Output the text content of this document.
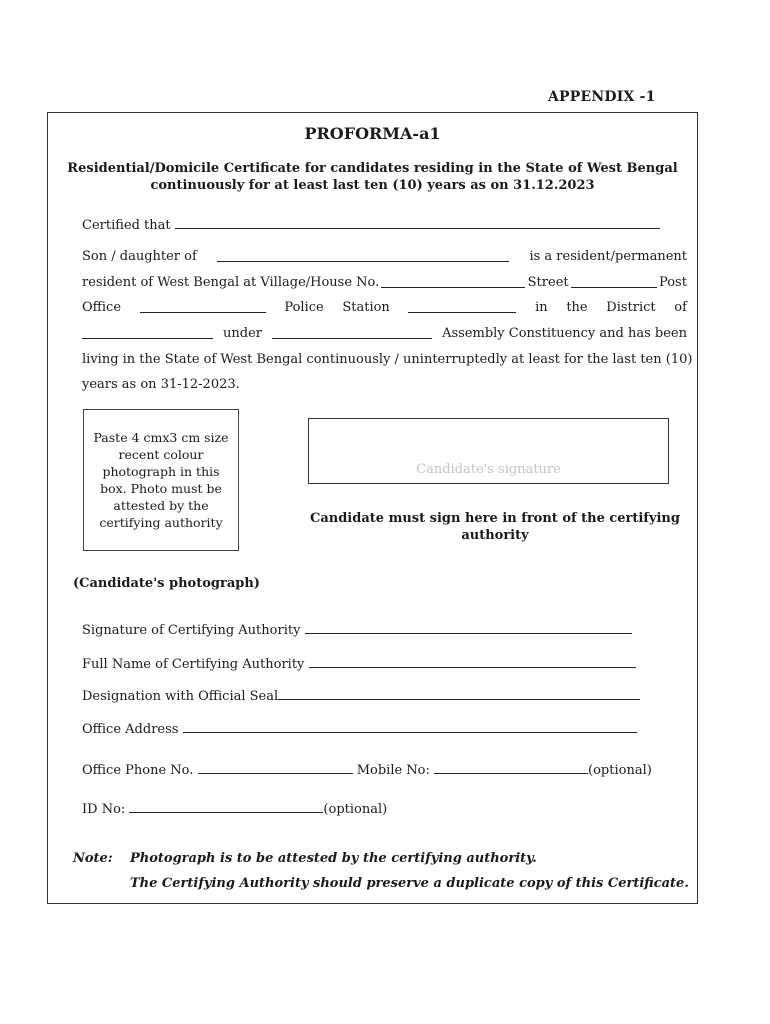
APPENDIX -1
PROFORMA-a1
Residential/Domicile Certificate for candidates residing in the State of West Bengal
continuously for at least last ten (10) years as on 31.12.2023
Certified that
Son / daughter of	is a resident/permanent
resident of West Bengal at Village/House No.	Street	Post
Office	Police Station	in the District of
under	Assembly Constituency and has been
living in the State of West Bengal continuously / uninterruptedly at least for the last ten (10)
years as on 31-12-2023.
Paste 4 cmx3 cm size recent colour photograph in this box. Photo must be attested by the certifying authority
Candidate's signature
Candidate must sign here in front of the certifying authority
(Candidate's photograph)
Signature of Certifying Authority
Full Name of Certifying Authority
Designation with Official Seal
Office Address
Office Phone No.	Mobile No:	(optional)
ID No:	(optional)
Note: Photograph is to be attested by the certifying authority.
The Certifying Authority should preserve a duplicate copy of this Certificate.
